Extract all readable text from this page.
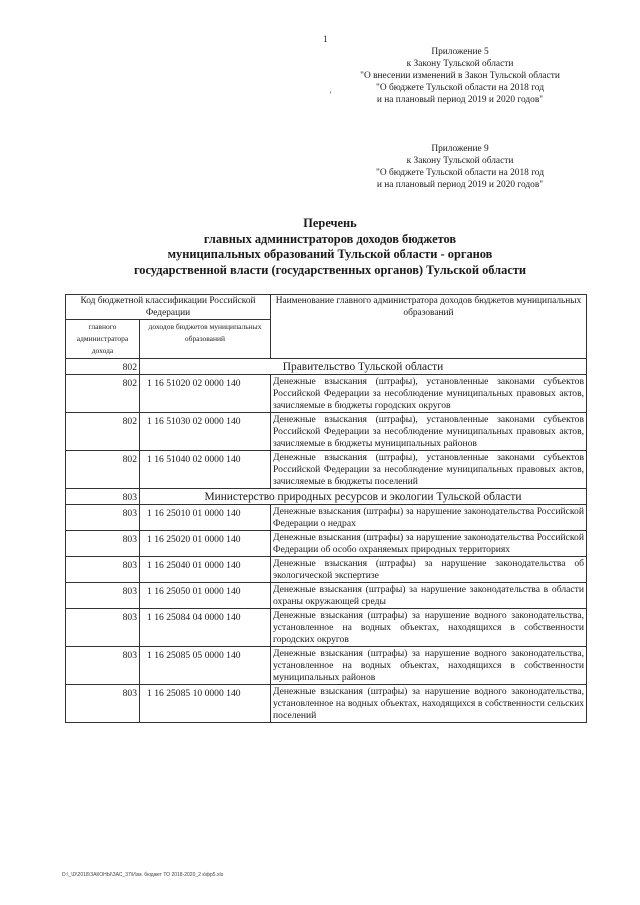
1
'
Приложение 5
к Закону Тульской области
"О внесении изменений в Закон Тульской области
"О бюджете Тульской области на 2018 год
и на плановый период 2019 и 2020 годов"
Приложение 9
к Закону Тульской области
"О бюджете Тульской области на 2018 год
и на плановый период 2019 и 2020 годов"
Перечень
главных администраторов доходов бюджетов
муниципальных образований Тульской области - органов
государственной власти (государственных органов) Тульской области
Код бюджетной классификации Российской Федерации		Наименование главного администратора доходов бюджетов муниципальных образований
главного администратора дохода	доходов бюджетов муниципальных образований	
802	Правительство Тульской области	
802	1 16 51020 02 0000 140	Денежные взыскания (штрафы), установленные законами субъектов Российской Федерации за несоблюдение муниципальных правовых актов, зачисляемые в бюджеты городских округов
802	1 16 51030 02 0000 140	Денежные взыскания (штрафы), установленные законами субъектов Российской Федерации за несоблюдение муниципальных правовых актов, зачисляемые в бюджеты муниципальных районов
802	1 16 51040 02 0000 140	Денежные взыскания (штрафы), установленные законами субъектов Российской Федерации за несоблюдение муниципальных правовых актов, зачисляемые в бюджеты поселений
803	Министерство природных ресурсов и экологии Тульской области	
803	1 16 25010 01 0000 140	Денежные взыскания (штрафы) за нарушение законодательства Российской Федерации о недрах
803	1 16 25020 01 0000 140	Денежные взыскания (штрафы) за нарушение законодательства Российской Федерации об особо охраняемых природных территориях
803	1 16 25040 01 0000 140	Денежные взыскания (штрафы) за нарушение законодательства об экологической экспертизе
803	1 16 25050 01 0000 140	Денежные взыскания (штрафы) за нарушение законодательства в области охраны окружающей среды
803	1 16 25084 04 0000 140	Денежные взыскания (штрафы) за нарушение водного законодательства, установленное на водных объектах, находящихся в собственности городских округов
803	1 16 25085 05 0000 140	Денежные взыскания (штрафы) за нарушение водного законодательства, установленное на водных объектах, находящихся в собственности муниципальных районов
803	1 16 25085 10 0000 140	Денежные взыскания (штрафы) за нарушение водного законодательства, установленное на водных объектах, находящихся в собственности сельских поселений
D:\_\D\2018\ЗАКОНЫ\ЗАС_37\Изм. бюджет ТО 2018-2020_2 к\фр5.xls
